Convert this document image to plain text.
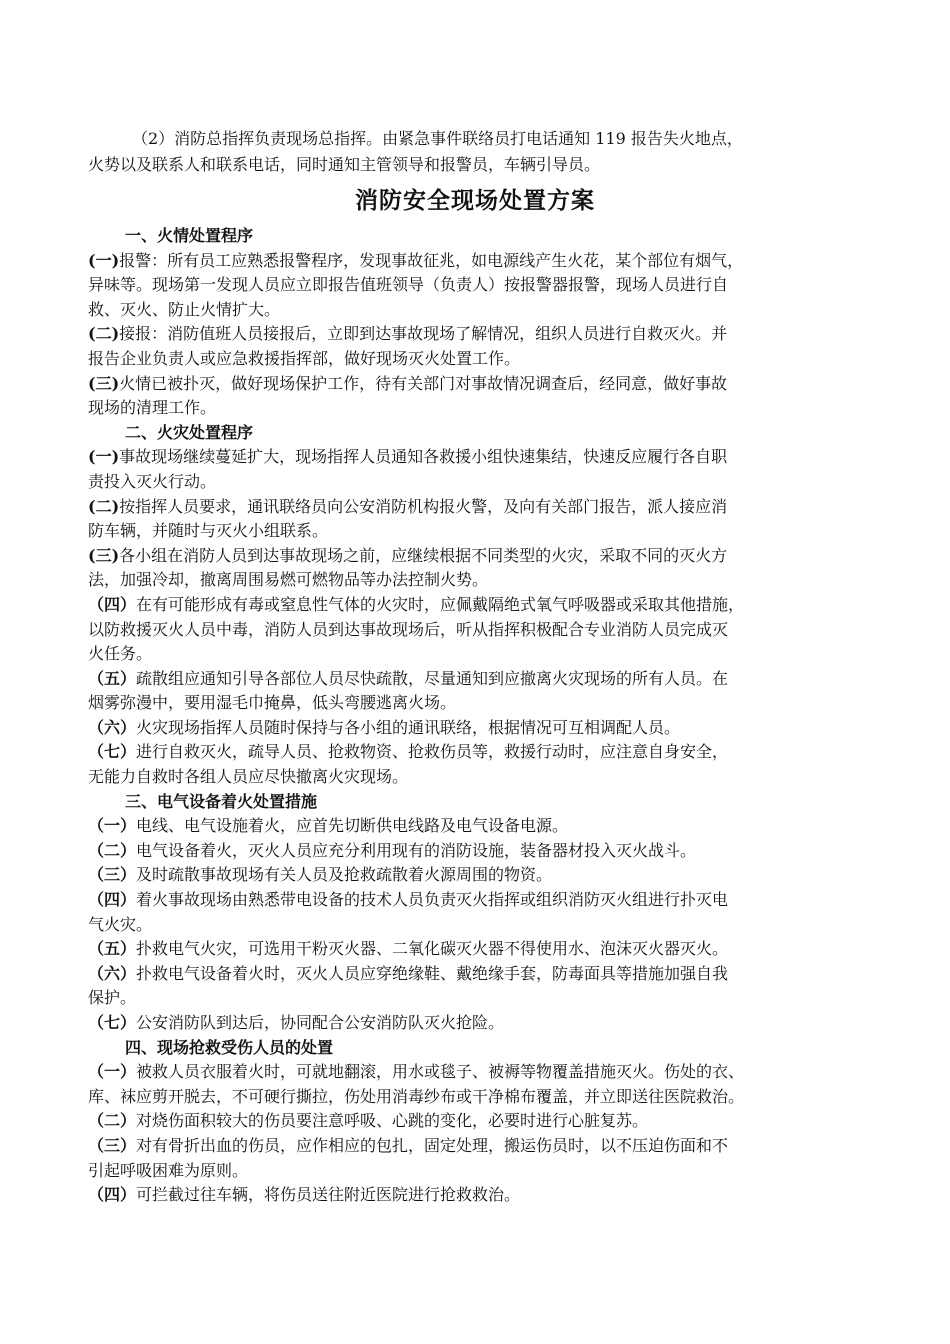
（2）消防总指挥负责现场总指挥。由紧急事件联络员打电话通知 119 报告失火地点，

火势以及联系人和联系电话，同时通知主管领导和报警员，车辆引导员。

消防安全现场处置方案

一、火情处置程序

(一)报警：所有员工应熟悉报警程序，发现事故征兆，如电源线产生火花，某个部位有烟气，

异味等。现场第一发现人员应立即报告值班领导（负责人）按报警器报警，现场人员进行自

救、灭火、防止火情扩大。

(二)接报：消防值班人员接报后，立即到达事故现场了解情况，组织人员进行自救灭火。并

报告企业负责人或应急救援指挥部，做好现场灭火处置工作。

(三)火情已被扑灭，做好现场保护工作，待有关部门对事故情况调查后，经同意，做好事故

现场的清理工作。

二、火灾处置程序

(一)事故现场继续蔓延扩大，现场指挥人员通知各救援小组快速集结，快速反应履行各自职

责投入灭火行动。

(二)按指挥人员要求，通讯联络员向公安消防机构报火警，及向有关部门报告，派人接应消

防车辆，并随时与灭火小组联系。

(三)各小组在消防人员到达事故现场之前，应继续根据不同类型的火灾，采取不同的灭火方

法，加强冷却，撤离周围易燃可燃物品等办法控制火势。

（四）在有可能形成有毒或窒息性气体的火灾时，应佩戴隔绝式氧气呼吸器或采取其他措施，

以防救援灭火人员中毒，消防人员到达事故现场后，听从指挥积极配合专业消防人员完成灭

火任务。

（五）疏散组应通知引导各部位人员尽快疏散，尽量通知到应撤离火灾现场的所有人员。在

烟雾弥漫中，要用湿毛巾掩鼻，低头弯腰逃离火场。

（六）火灾现场指挥人员随时保持与各小组的通讯联络，根据情况可互相调配人员。

（七）进行自救灭火，疏导人员、抢救物资、抢救伤员等，救援行动时，应注意自身安全，

无能力自救时各组人员应尽快撤离火灾现场。

三、电气设备着火处置措施

（一）电线、电气设施着火，应首先切断供电线路及电气设备电源。

（二）电气设备着火，灭火人员应充分利用现有的消防设施，装备器材投入灭火战斗。

（三）及时疏散事故现场有关人员及抢救疏散着火源周围的物资。

（四）着火事故现场由熟悉带电设备的技术人员负责灭火指挥或组织消防灭火组进行扑灭电

气火灾。

（五）扑救电气火灾，可选用干粉灭火器、二氧化碳灭火器不得使用水、泡沫灭火器灭火。

（六）扑救电气设备着火时，灭火人员应穿绝缘鞋、戴绝缘手套，防毒面具等措施加强自我

保护。

（七）公安消防队到达后，协同配合公安消防队灭火抢险。

四、现场抢救受伤人员的处置

（一）被救人员衣服着火时，可就地翻滚，用水或毯子、被褥等物覆盖措施灭火。伤处的衣、

库、袜应剪开脱去，不可硬行撕拉，伤处用消毒纱布或干净棉布覆盖，并立即送往医院救治。

（二）对烧伤面积较大的伤员要注意呼吸、心跳的变化，必要时进行心脏复苏。

（三）对有骨折出血的伤员，应作相应的包扎，固定处理，搬运伤员时，以不压迫伤面和不

引起呼吸困难为原则。

（四）可拦截过往车辆，将伤员送往附近医院进行抢救救治。
